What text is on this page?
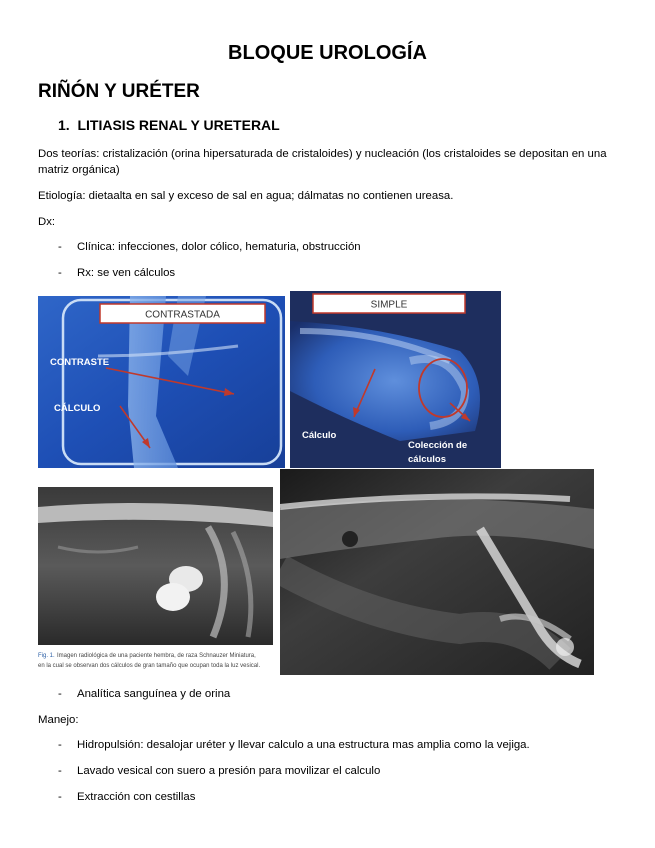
BLOQUE UROLOGÍA
RIÑÓN Y URÉTER
1. LITIASIS RENAL Y URETERAL
Dos teorías: cristalización (orina hipersaturada de cristaloides) y nucleación (los cristaloides se depositan en una matriz orgánica)
Etiología: dietaalta en sal y exceso de sal en agua; dálmatas no contienen ureasa.
Dx:
- Clínica: infecciones, dolor cólico, hematuria, obstrucción
- Rx: se ven cálculos
CONTRASTADA
CONTRASTE
CÁLCULO
SIMPLE
Cálculo
Colección de
cálculos
Fig. 1. Imagen radiológica de una paciente hembra, de raza Schnauzer Miniatura,
en la cual se observan dos cálculos de gran tamaño que ocupan toda la luz vesical.
- Analítica sanguínea y de orina
Manejo:
- Hidropulsión: desalojar uréter y llevar calculo a una estructura mas amplia como la vejiga.
- Lavado vesical con suero a presión para movilizar el calculo
- Extracción con cestillas
